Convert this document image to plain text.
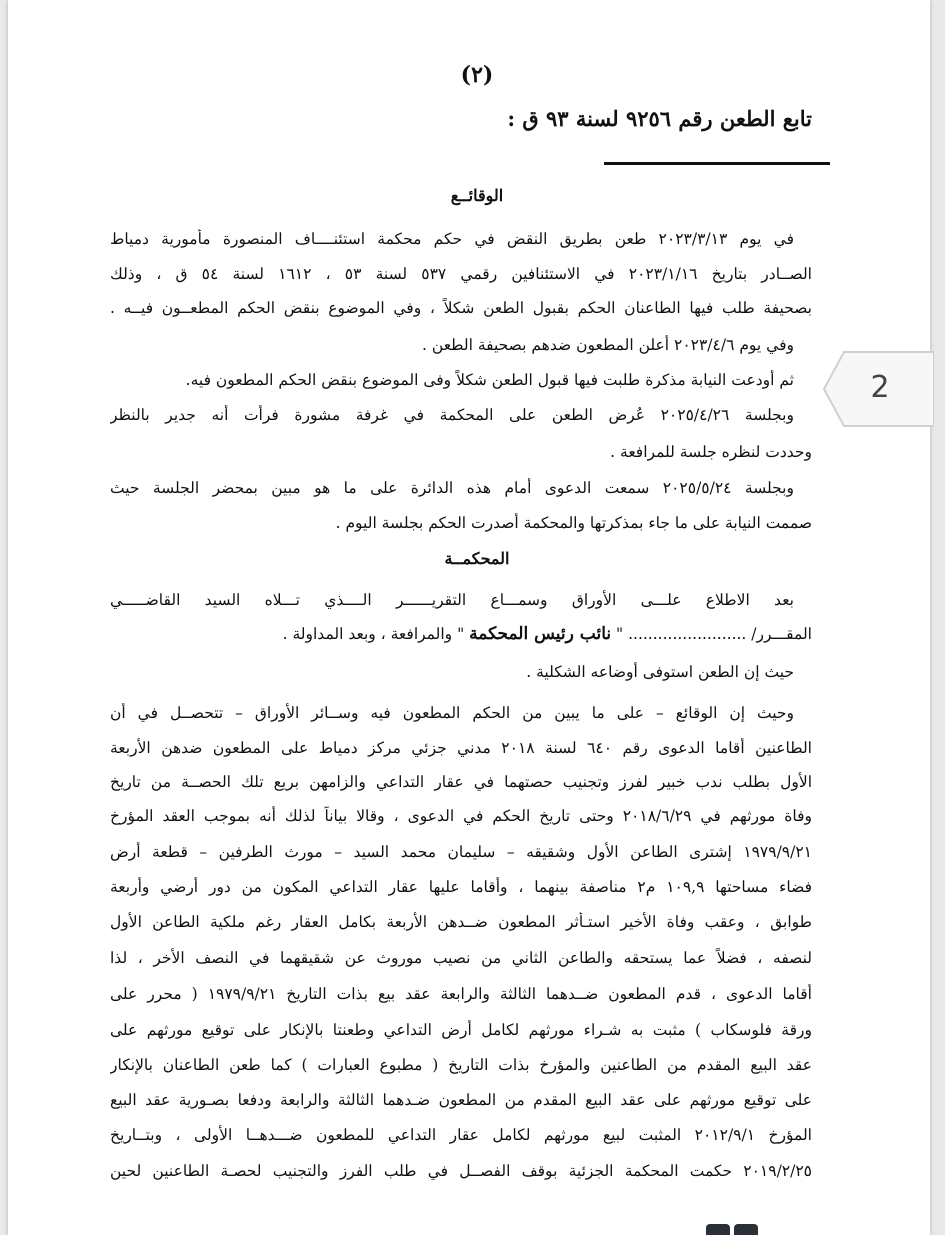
(٢)
تابع الطعن رقم ٩٢٥٦ لسنة ٩٣ ق :
الوقائــع
في يوم ٢٠٢٣/٣/١٣ طعن بطريق النقض في حكم محكمة استئنــــاف المنصورة مأمورية دمياط
الصــادر بتاريخ ٢٠٢٣/١/١٦ في الاستئنافين رقمي ٥٣٧ لسنة ٥٣ ، ١٦١٢ لسنة ٥٤ ق ، وذلك
بصحيفة طلب فيها الطاعنان الحكم بقبول الطعن شكلاً ، وفي الموضوع بنقض الحكم المطعــون فيــه .
وفي يوم ٢٠٢٣/٤/٦ أعلن المطعون ضدهم بصحيفة الطعن .
ثم أودعت النيابة مذكرة طلبت فيها قبول الطعن شكلاً وفى الموضوع بنقض الحكم المطعون فيه.
وبجلسة ٢٠٢٥/٤/٢٦ عُرض الطعن على المحكمة في غرفة مشورة فرأت أنه جدير بالنظر
وحددت لنظره جلسة للمرافعة .
وبجلسة ٢٠٢٥/٥/٢٤ سمعت الدعوى أمام هذه الدائرة على ما هو مبين بمحضر الجلسة حيث
صممت النيابة على ما جاء بمذكرتها والمحكمة أصدرت الحكم بجلسة اليوم .
المحكمــة
بعد الاطلاع علـــى الأوراق وسمـــاع التقريــــــر الــــذي تـــلاه السيد القاضـــــي
المقـــرر/ ........................ " نائب رئيس المحكمة " والمرافعة ، وبعد المداولة .
حيث إن الطعن استوفى أوضاعه الشكلية .
وحيث إن الوقائع – على ما يبين من الحكم المطعون فيه وســائر الأوراق – تتحصــل في أن
الطاعنين أقاما الدعوى رقم ٦٤٠ لسنة ٢٠١٨ مدني جزئي مركز دمياط على المطعون ضدهن الأربعة
الأول بطلب ندب خبير لفرز وتجنيب حصتهما في عقار التداعي والزامهن بريع تلك الحصــة من تاريخ
وفاة مورثهم في ٢٠١٨/٦/٢٩ وحتى تاريخ الحكم في الدعوى ، وقالا بياناً لذلك أنه بموجب العقد المؤرخ
١٩٧٩/٩/٢١ إشترى الطاعن الأول وشقيقه – سليمان محمد السيد – مورث الطرفين – قطعة أرض
فضاء مساحتها ١٠٩,٩ م٢ مناصفة بينهما ، وأقاما عليها عقار التداعي المكون من دور أرضي وأربعة
طوابق ، وعقب وفاة الأخير استـأثر المطعون ضــدهن الأربعة بكامل العقار رغم ملكية الطاعن الأول
لنصفه ، فضلاً عما يستحقه والطاعن الثاني من نصيب موروث عن شقيقهما في النصف الأخر ، لذا
أقاما الدعوى ، قدم المطعون ضــدهما الثالثة والرابعة عقد بيع بذات التاريخ ١٩٧٩/٩/٢١ ( محرر على
ورقة فلوسكاب ) مثبت به شـراء مورثهم لكامل أرض التداعي وطعنتا بالإنكار على توقيع مورثهم على
عقد البيع المقدم من الطاعنين والمؤرخ بذات التاريخ ( مطبوع العبارات ) كما طعن الطاعنان بالإنكار
على توقيع مورثهم على عقد البيع المقدم من المطعون ضـدهما الثالثة والرابعة ودفعا بصـورية عقد البيع
المؤرخ ٢٠١٢/٩/١ المثبت لبيع مورثهم لكامل عقار التداعي للمطعون ضـــدهــا الأولى ، وبتــاريخ
٢٠١٩/٢/٢٥ حكمت المحكمة الجزئية بوقف الفصــل في طلب الفرز والتجنيب لحصـة الطاعنين لحين
2
